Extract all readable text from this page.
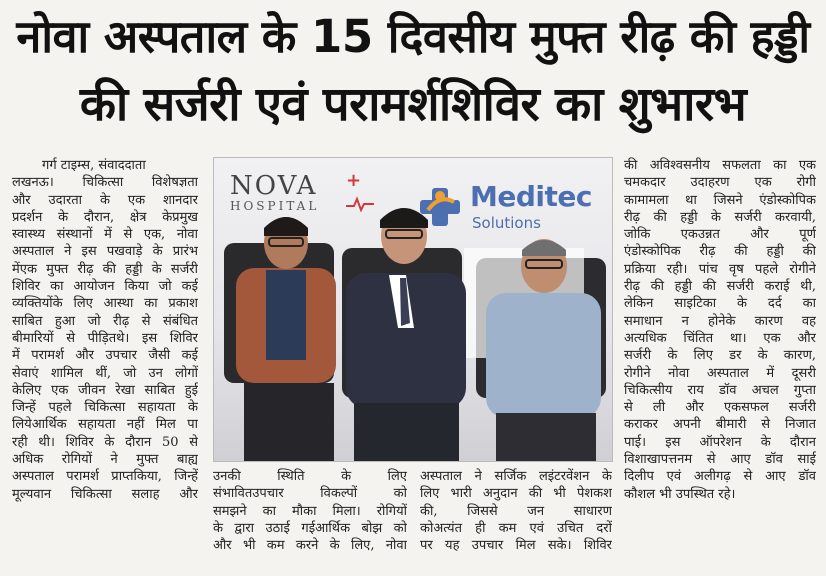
नोवा अस्पताल के 15 दिवसीय मुफ्त रीढ़ की हड्डी
की सर्जरी एवं परामर्शशिविर का शुभारभ
गर्ग टाइम्स, संवाददाता
लखनऊ। चिकित्सा विशेषज्ञता
और उदारता के एक शानदार
प्रदर्शन के दौरान, क्षेत्र केप्रमुख
स्वास्थ्य संस्थानों में से एक, नोवा
अस्पताल ने इस पखवाड़े के प्रारंभ
मेंएक मुफ्त रीढ़ की हड्डी के सर्जरी
शिविर का आयोजन किया जो कई
व्यक्तियोंके लिए आस्था का प्रकाश
साबित हुआ जो रीढ़ से संबंधित
बीमारियों से पीड़ितथे। इस शिविर
में परामर्श और उपचार जैसी कई
सेवाएं शामिल थीं, जो उन लोगों
केलिए एक जीवन रेखा साबित हुई
जिन्हें पहले चिकित्सा सहायता के
लियेआर्थिक सहायता नहीं मिल पा
रही थी। शिविर के दौरान 50 से
अधिक रोगियों ने मुफ्त बाह्य
अस्पताल परामर्श प्राप्तकिया, जिन्हें
मूल्यवान चिकित्सा सलाह और
NOVA
HOSPITAL
+	Meditec
Solutions
उनकी स्थिति के लिए
संभावितउपचार विकल्पों को
समझने का मौका मिला। रोगियों
के द्वारा उठाई गईआर्थिक बोझ को
और भी कम करने के लिए, नोवा
अस्पताल ने सर्जिक लइंटरवेंशन के
लिए भारी अनुदान की भी पेशकश
की, जिससे जन साधारण
कोअत्यंत ही कम एवं उचित दरों
पर यह उपचार मिल सके। शिविर
की अविश्वसनीय सफलता का एक
चमकदार उदाहरण एक रोगी
कामामला था जिसने एंडोस्कोपिक
रीढ़ की हड्डी के सर्जरी करवायी,
जोकि एकउन्नत और पूर्ण
एंडोस्कोपिक रीढ़ की हड्डी की
प्रक्रिया रही। पांच वृष पहले रोगीने
रीढ़ की हड्डी की सर्जरी कराई थी,
लेकिन साइटिका के दर्द का
समाधान न होनेके कारण वह
अत्यधिक चिंतित था। एक और
सर्जरी के लिए डर के कारण,
रोगीने नोवा अस्पताल में दूसरी
चिकित्सीय राय डॉव अचल गुप्ता
से ली और एकसफल सर्जरी
कराकर अपनी बीमारी से निजात
पाई। इस ऑपरेशन के दौरान
विशाखापत्तनम से आए डॉव साई
दिलीप एवं अलीगढ़ से आए डॉव
कौशल भी उपस्थित रहे।
